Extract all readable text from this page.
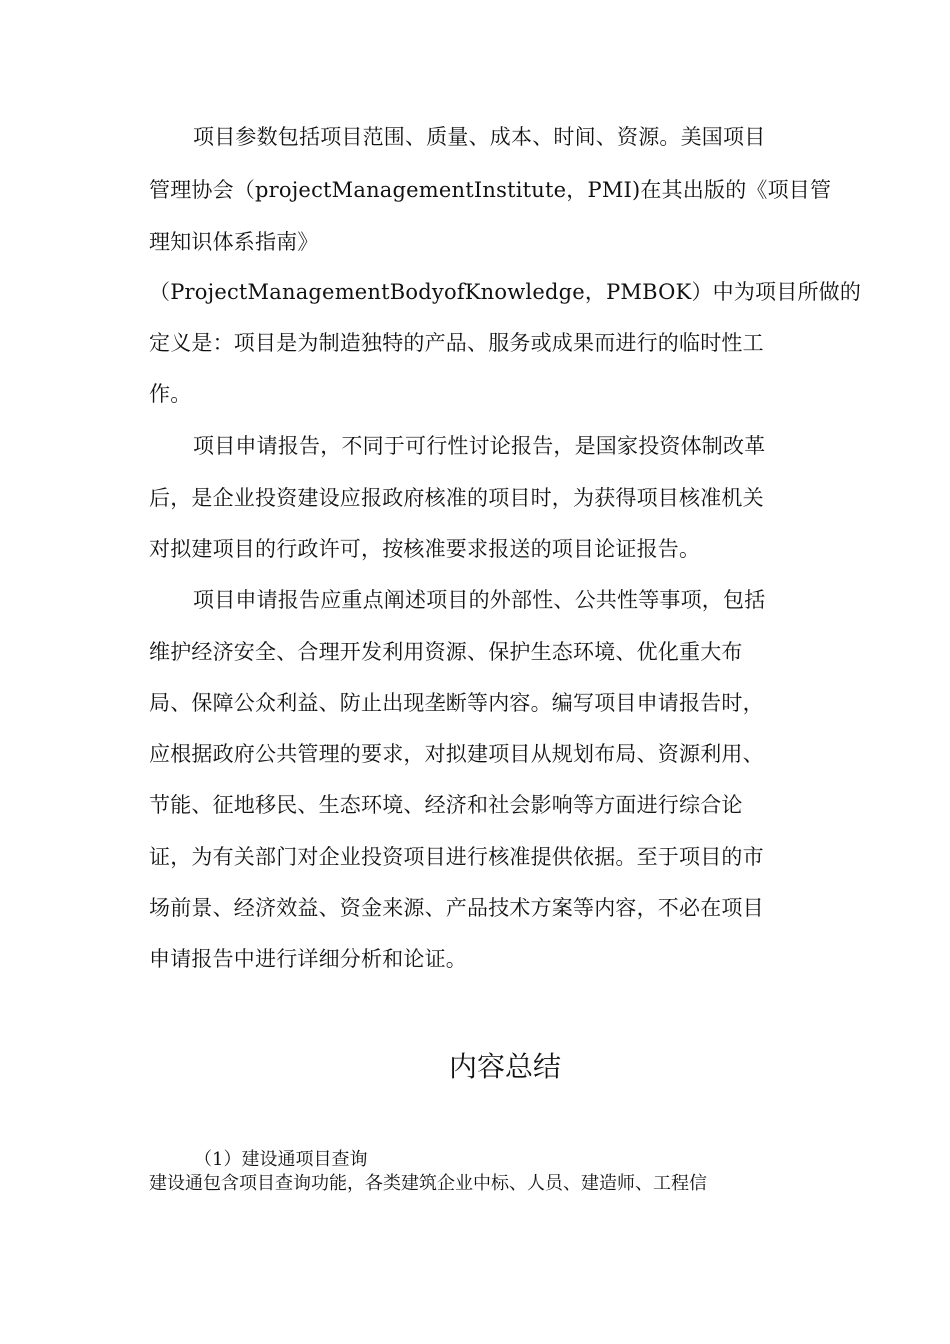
项目参数包括项目范围、质量、成本、时间、资源。美国项目
管理协会（projectManagementInstitute，PMI)在其出版的《项目管
理知识体系指南》
（ProjectManagementBodyofKnowledge，PMBOK）中为项目所做的
定义是：项目是为制造独特的产品、服务或成果而进行的临时性工
作。
项目申请报告，不同于可行性讨论报告，是国家投资体制改革
后，是企业投资建设应报政府核准的项目时，为获得项目核准机关
对拟建项目的行政许可，按核准要求报送的项目论证报告。
项目申请报告应重点阐述项目的外部性、公共性等事项，包括
维护经济安全、合理开发利用资源、保护生态环境、优化重大布
局、保障公众利益、防止出现垄断等内容。编写项目申请报告时，
应根据政府公共管理的要求，对拟建项目从规划布局、资源利用、
节能、征地移民、生态环境、经济和社会影响等方面进行综合论
证，为有关部门对企业投资项目进行核准提供依据。至于项目的市
场前景、经济效益、资金来源、产品技术方案等内容，不必在项目
申请报告中进行详细分析和论证。
内容总结
（1）建设通项目查询
建设通包含项目查询功能，各类建筑企业中标、人员、建造师、工程信
